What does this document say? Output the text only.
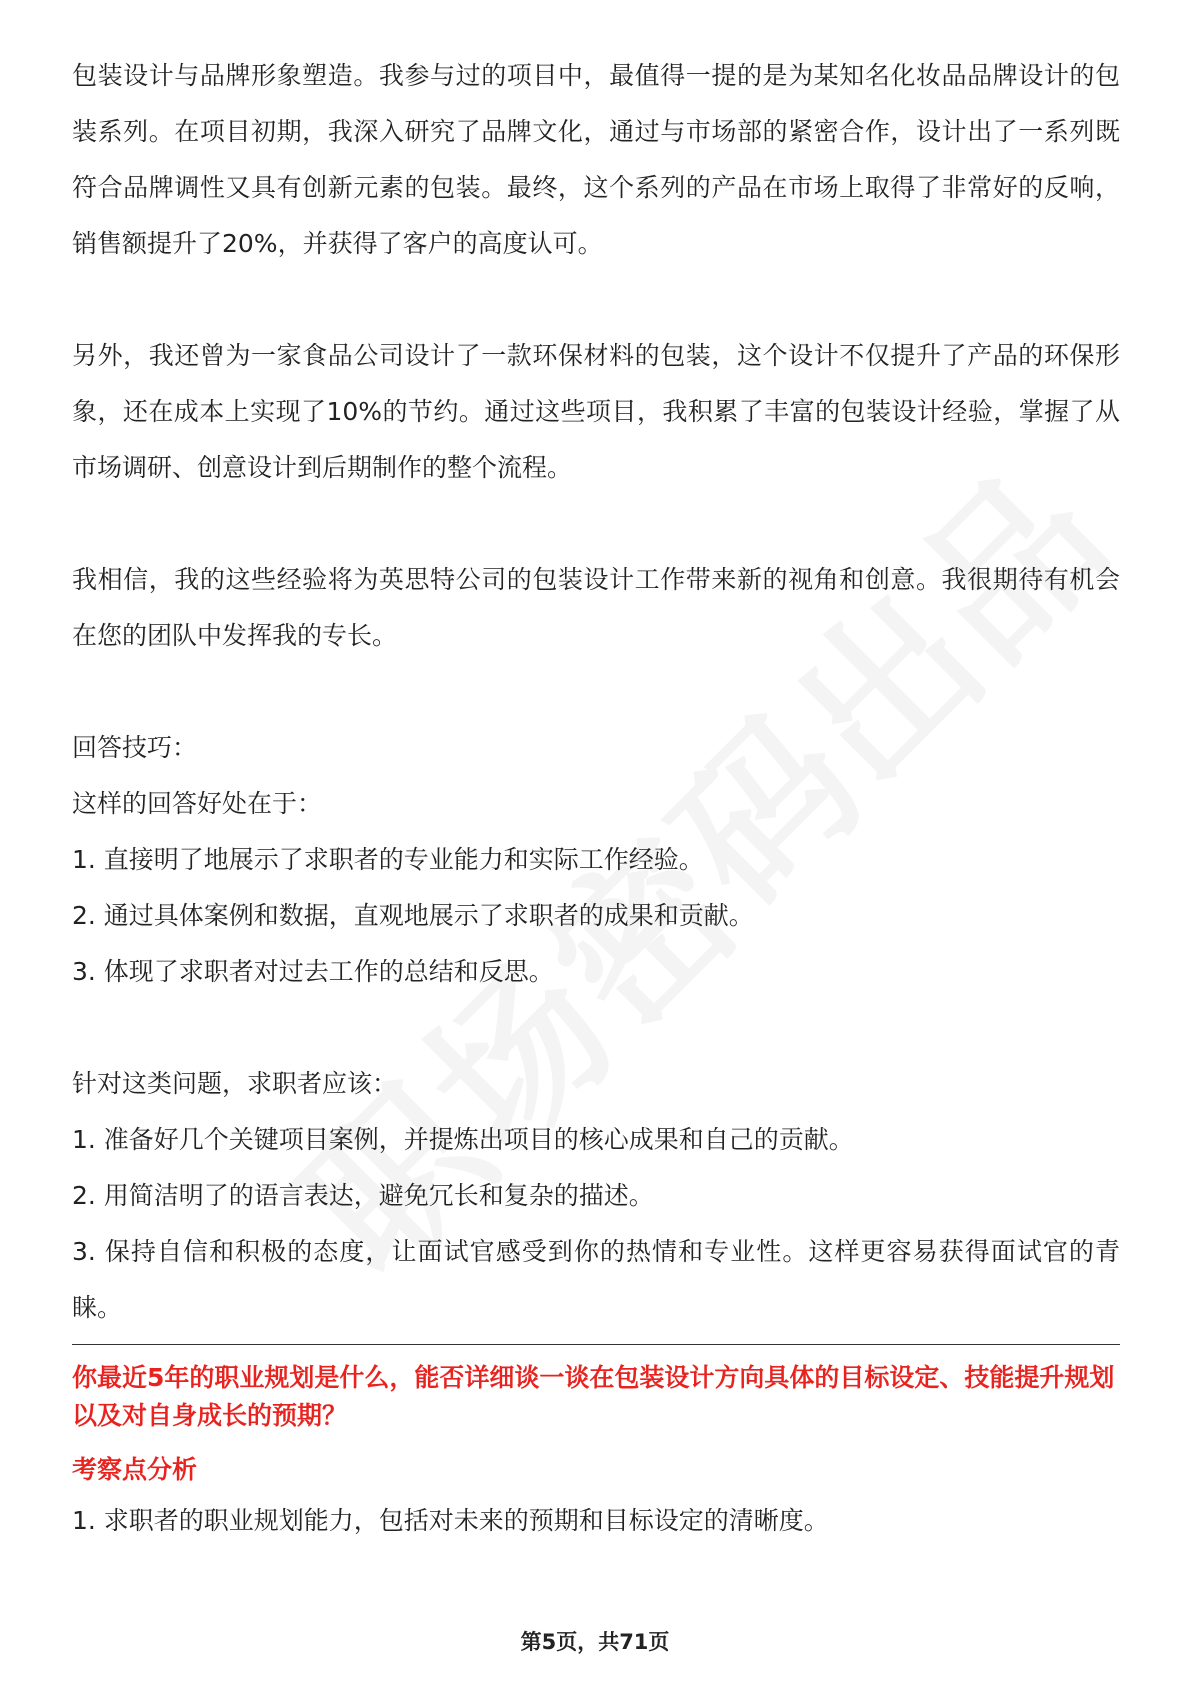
包装设计与品牌形象塑造。我参与过的项目中，最值得一提的是为某知名化妆品品牌设计的包装系列。在项目初期，我深入研究了品牌文化，通过与市场部的紧密合作，设计出了一系列既符合品牌调性又具有创新元素的包装。最终，这个系列的产品在市场上取得了非常好的反响，销售额提升了20%，并获得了客户的高度认可。

另外，我还曾为一家食品公司设计了一款环保材料的包装，这个设计不仅提升了产品的环保形象，还在成本上实现了10%的节约。通过这些项目，我积累了丰富的包装设计经验，掌握了从市场调研、创意设计到后期制作的整个流程。

我相信，我的这些经验将为英思特公司的包装设计工作带来新的视角和创意。我很期待有机会在您的团队中发挥我的专长。

回答技巧：

这样的回答好处在于：

1. 直接明了地展示了求职者的专业能力和实际工作经验。

2. 通过具体案例和数据，直观地展示了求职者的成果和贡献。

3. 体现了求职者对过去工作的总结和反思。

针对这类问题，求职者应该：

1. 准备好几个关键项目案例，并提炼出项目的核心成果和自己的贡献。

2. 用简洁明了的语言表达，避免冗长和复杂的描述。

3. 保持自信和积极的态度，让面试官感受到你的热情和专业性。这样更容易获得面试官的青睐。

你最近5年的职业规划是什么，能否详细谈一谈在包装设计方向具体的目标设定、技能提升规划以及对自身成长的预期？

考察点分析

1. 求职者的职业规划能力，包括对未来的预期和目标设定的清晰度。

第5页，共71页
